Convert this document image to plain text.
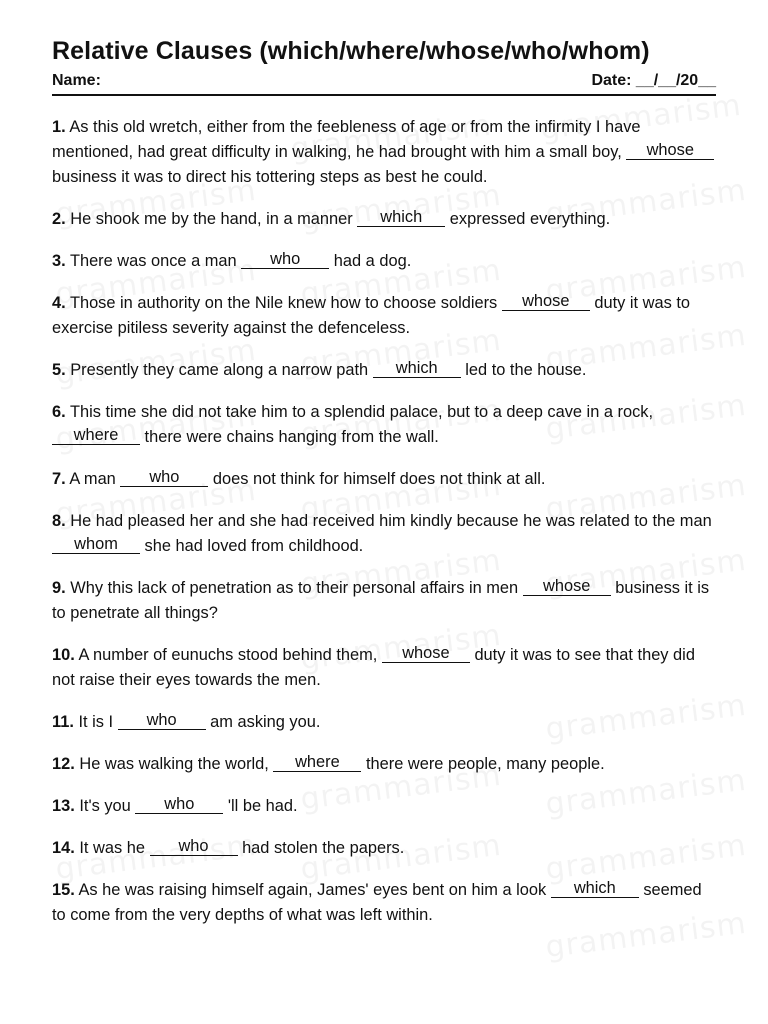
Relative Clauses (which/where/whose/who/whom)
Name:	Date: __/__/20__

1. As this old wretch, either from the feebleness of age or from the infirmity I have mentioned, had great difficulty in walking, he had brought with him a small boy, whose business it was to direct his tottering steps as best he could.

2. He shook me by the hand, in a manner which expressed everything.

3. There was once a man who had a dog.

4. Those in authority on the Nile knew how to choose soldiers whose duty it was to exercise pitiless severity against the defenceless.

5. Presently they came along a narrow path which led to the house.

6. This time she did not take him to a splendid palace, but to a deep cave in a rock, where there were chains hanging from the wall.

7. A man who does not think for himself does not think at all.

8. He had pleased her and she had received him kindly because he was related to the man whom she had loved from childhood.

9. Why this lack of penetration as to their personal affairs in men whose business it is to penetrate all things?

10. A number of eunuchs stood behind them, whose duty it was to see that they did not raise their eyes towards the men.

11. It is I who am asking you.

12. He was walking the world, where there were people, many people.

13. It's you who 'll be had.

14. It was he who had stolen the papers.

15. As he was raising himself again, James' eyes bent on him a look which seemed to come from the very depths of what was left within.
